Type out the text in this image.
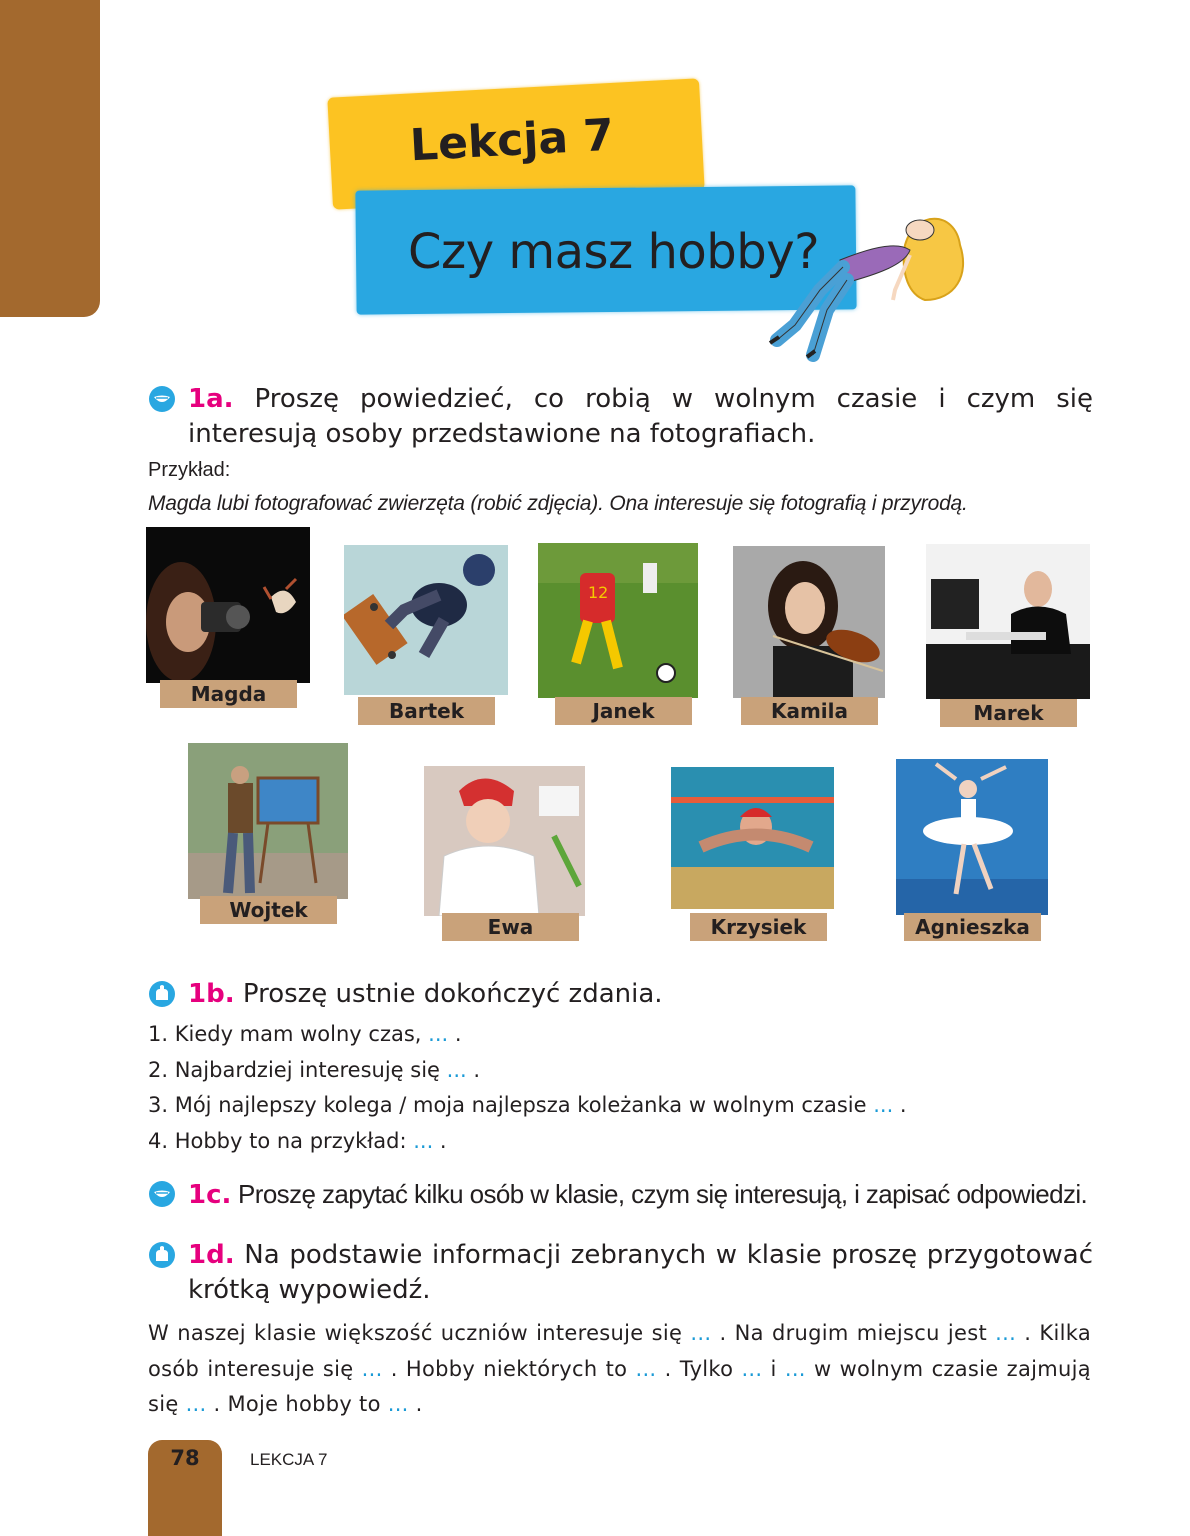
Lekcja 7
Czy masz hobby?
1a. Proszę powiedzieć, co robią w wolnym czasie i czym się interesują osoby przedstawione na fotografiach.
Przykład:
Magda lubi fotografować zwierzęta (robić zdjęcia). Ona interesuje się fotografią i przyrodą.
12
Magda
Bartek	Janek	Kamila	Marek
Wojtek
Ewa	Krzysiek	Agnieszka
1b. Proszę ustnie dokończyć zdania.
1. Kiedy mam wolny czas, ... .
2. Najbardziej interesuję się ... .
3. Mój najlepszy kolega / moja najlepsza koleżanka w wolnym czasie ... .
4. Hobby to na przykład: ... .
1c. Proszę zapytać kilku osób w klasie, czym się interesują, i zapisać odpowiedzi.
1d. Na podstawie informacji zebranych w klasie proszę przygotować krótką wypowiedź.
W naszej klasie większość uczniów interesuje się ... . Na drugim miejscu jest ... . Kilka osób interesuje się ... . Hobby niektórych to ... . Tylko ... i ... w wolnym czasie zajmują się ... . Moje hobby to ... .
78	LEKCJA 7
